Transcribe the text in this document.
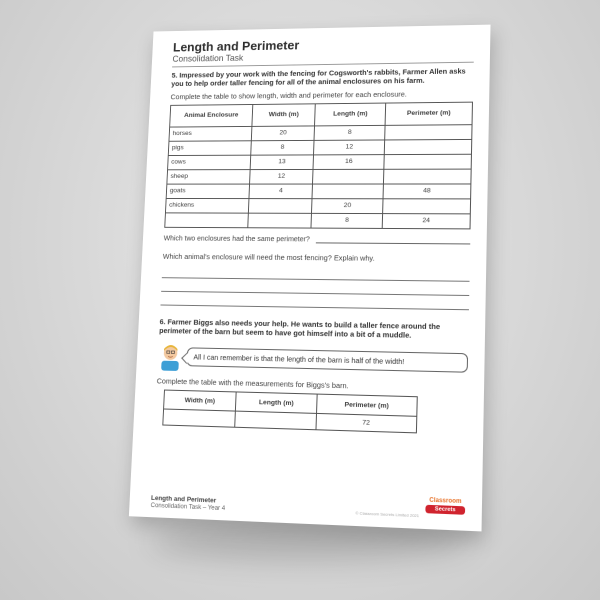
Length and Perimeter

Consolidation Task

5. Impressed by your work with the fencing for Cogsworth's rabbits, Farmer Allen asks you to help order taller fencing for all of the animal enclosures on his farm.

Complete the table to show length, width and perimeter for each enclosure.

Animal Enclosure	Width (m)	Length (m)	Perimeter (m)
horses	20	8	
pigs	8	12	
cows	13	16	
sheep	12		
goats	4		48
chickens		20	
		8	24
Which two enclosures had the same perimeter?

Which animal's enclosure will need the most fencing? Explain why.

6. Farmer Biggs also needs your help. He wants to build a taller fence around the perimeter of the barn but seem to have got himself into a bit of a muddle.

All I can remember is that the length of the barn is half of the width!

Complete the table with the measurements for Biggs's barn.

Width (m)	Length (m)	Perimeter (m)
		72

Length and Perimeter

Consolidation Task – Year 4

© Classroom Secrets Limited 2021

Classroom
Secrets
